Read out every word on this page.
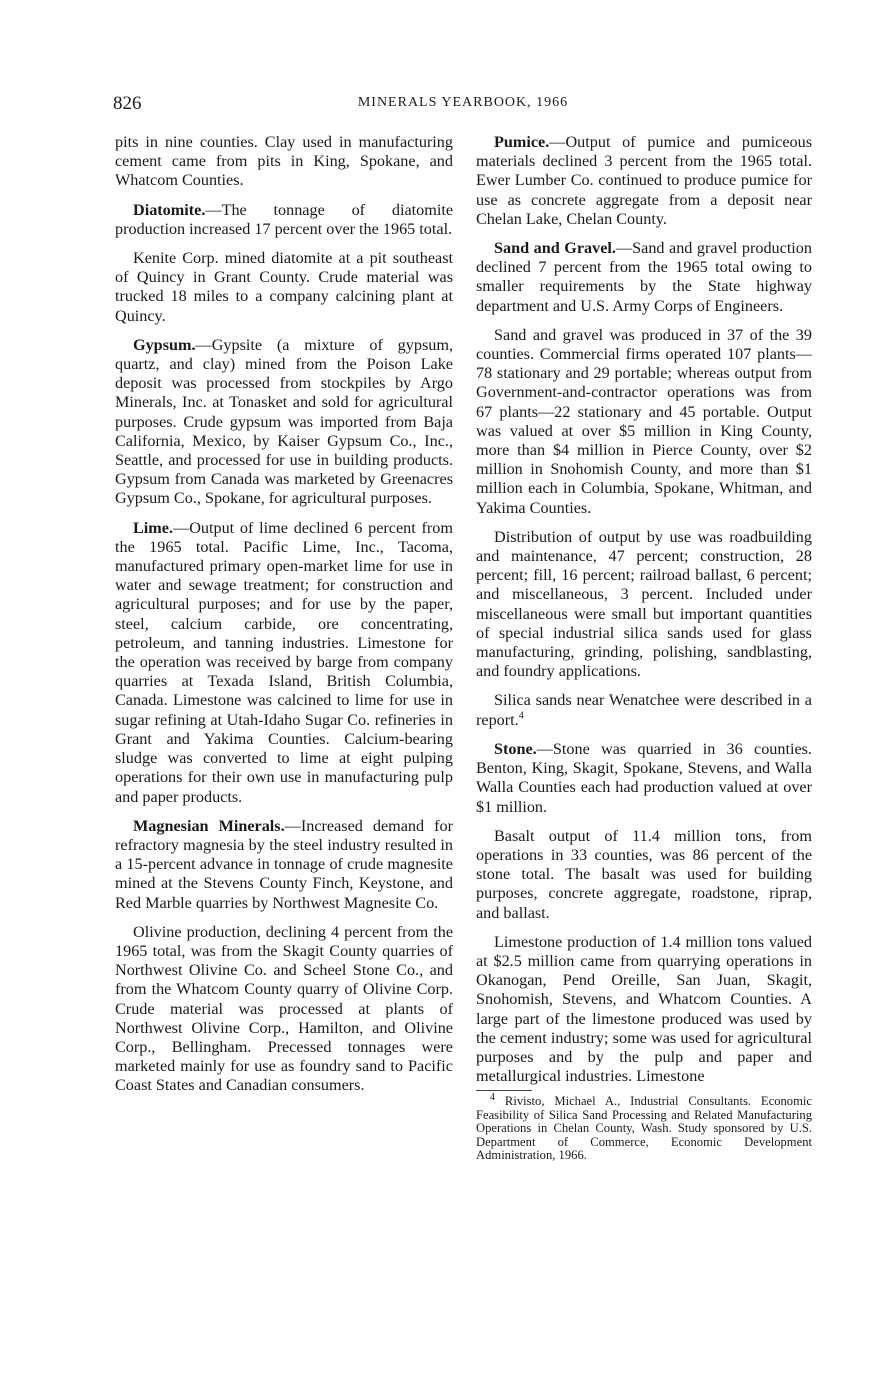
826	MINERALS YEARBOOK, 1966

pits in nine counties. Clay used in manufacturing cement came from pits in King, Spokane, and Whatcom Counties.

Diatomite.—The tonnage of diatomite production increased 17 percent over the 1965 total.

Kenite Corp. mined diatomite at a pit southeast of Quincy in Grant County. Crude material was trucked 18 miles to a company calcining plant at Quincy.

Gypsum.—Gypsite (a mixture of gypsum, quartz, and clay) mined from the Poison Lake deposit was processed from stockpiles by Argo Minerals, Inc. at Tonasket and sold for agricultural purposes. Crude gypsum was imported from Baja California, Mexico, by Kaiser Gypsum Co., Inc., Seattle, and processed for use in building products. Gypsum from Canada was marketed by Greenacres Gypsum Co., Spokane, for agricultural purposes.

Lime.—Output of lime declined 6 percent from the 1965 total. Pacific Lime, Inc., Tacoma, manufactured primary open-market lime for use in water and sewage treatment; for construction and agricultural purposes; and for use by the paper, steel, calcium carbide, ore concentrating, petroleum, and tanning industries. Limestone for the operation was received by barge from company quarries at Texada Island, British Columbia, Canada. Limestone was calcined to lime for use in sugar refining at Utah-Idaho Sugar Co. refineries in Grant and Yakima Counties. Calcium-bearing sludge was converted to lime at eight pulping operations for their own use in manufacturing pulp and paper products.

Magnesian Minerals.—Increased demand for refractory magnesia by the steel industry resulted in a 15-percent advance in tonnage of crude magnesite mined at the Stevens County Finch, Keystone, and Red Marble quarries by Northwest Magnesite Co.

Olivine production, declining 4 percent from the 1965 total, was from the Skagit County quarries of Northwest Olivine Co. and Scheel Stone Co., and from the Whatcom County quarry of Olivine Corp. Crude material was processed at plants of Northwest Olivine Corp., Hamilton, and Olivine Corp., Bellingham. Precessed tonnages were marketed mainly for use as foundry sand to Pacific Coast States and Canadian consumers.

Pumice.—Output of pumice and pumiceous materials declined 3 percent from the 1965 total. Ewer Lumber Co. continued to produce pumice for use as concrete aggregate from a deposit near Chelan Lake, Chelan County.

Sand and Gravel.—Sand and gravel production declined 7 percent from the 1965 total owing to smaller requirements by the State highway department and U.S. Army Corps of Engineers.

Sand and gravel was produced in 37 of the 39 counties. Commercial firms operated 107 plants—78 stationary and 29 portable; whereas output from Government-and-contractor operations was from 67 plants—22 stationary and 45 portable. Output was valued at over $5 million in King County, more than $4 million in Pierce County, over $2 million in Snohomish County, and more than $1 million each in Columbia, Spokane, Whitman, and Yakima Counties.

Distribution of output by use was roadbuilding and maintenance, 47 percent; construction, 28 percent; fill, 16 percent; railroad ballast, 6 percent; and miscellaneous, 3 percent. Included under miscellaneous were small but important quantities of special industrial silica sands used for glass manufacturing, grinding, polishing, sandblasting, and foundry applications.

Silica sands near Wenatchee were described in a report.$^4$

Stone.—Stone was quarried in 36 counties. Benton, King, Skagit, Spokane, Stevens, and Walla Walla Counties each had production valued at over $1 million.

Basalt output of 11.4 million tons, from operations in 33 counties, was 86 percent of the stone total. The basalt was used for building purposes, concrete aggregate, roadstone, riprap, and ballast.

Limestone production of 1.4 million tons valued at $2.5 million came from quarrying operations in Okanogan, Pend Oreille, San Juan, Skagit, Snohomish, Stevens, and Whatcom Counties. A large part of the limestone produced was used by the cement industry; some was used for agricultural purposes and by the pulp and paper and metallurgical industries. Limestone

$^4$ Rivisto, Michael A., Industrial Consultants. Economic Feasibility of Silica Sand Processing and Related Manufacturing Operations in Chelan County, Wash. Study sponsored by U.S. Department of Commerce, Economic Development Administration, 1966.
